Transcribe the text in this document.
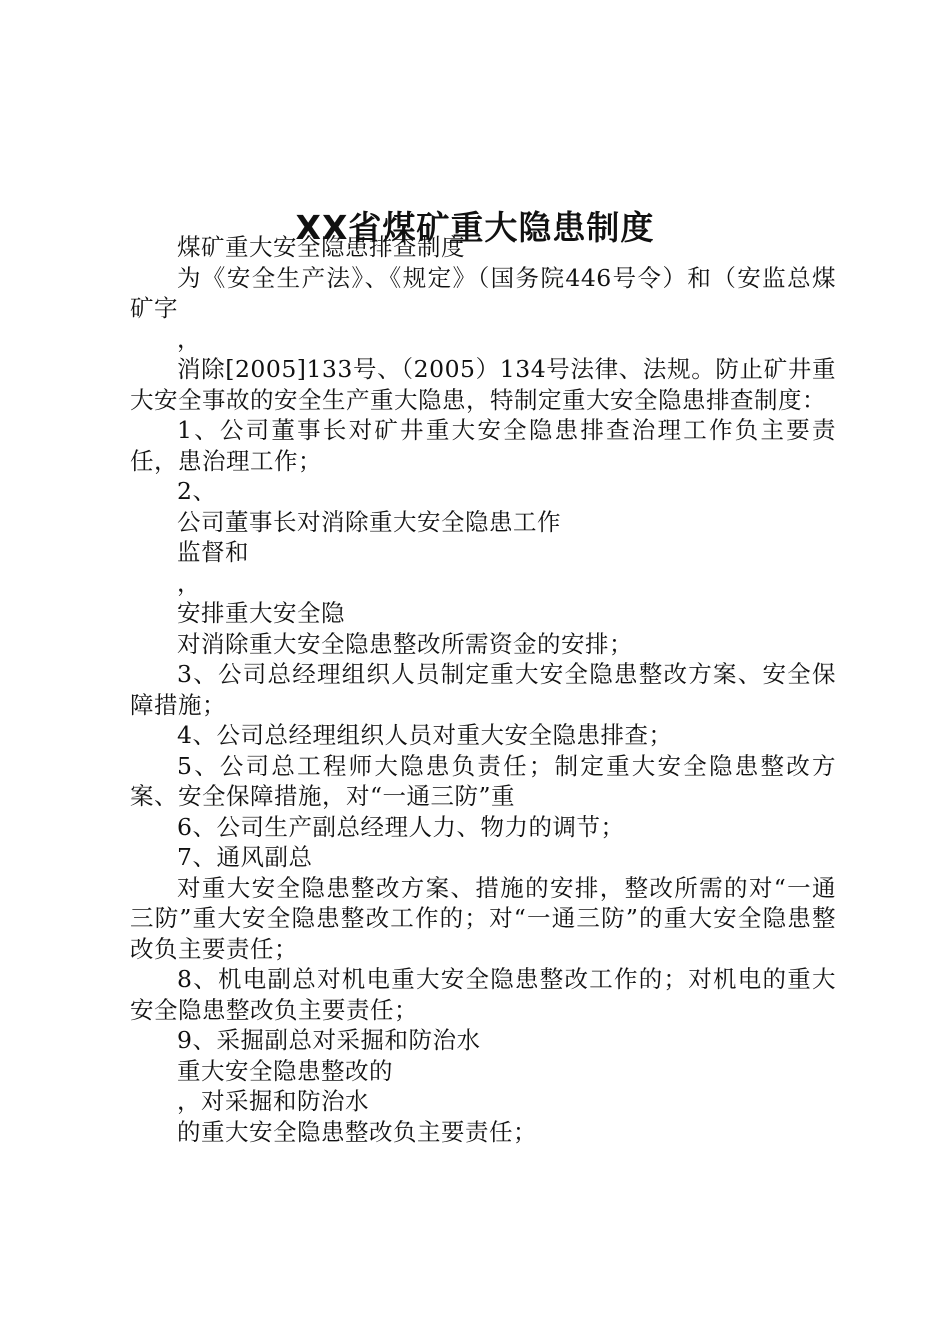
XX省煤矿重大隐患制度

煤矿重大安全隐患排查制度

为《安全生产法》、《规定》（国务院446号令）和（安监总煤矿字

，

消除[2005]133号、（2005）134号法律、法规。防止矿井重大安全事故的安全生产重大隐患，特制定重大安全隐患排查制度：

1、公司董事长对矿井重大安全隐患排查治理工作负主要责任，患治理工作；

2、

公司董事长对消除重大安全隐患工作

监督和

，

安排重大安全隐

对消除重大安全隐患整改所需资金的安排；

3、公司总经理组织人员制定重大安全隐患整改方案、安全保障措施；

4、公司总经理组织人员对重大安全隐患排查；

5、公司总工程师大隐患负责任；制定重大安全隐患整改方案、安全保障措施，对“一通三防”重

6、公司生产副总经理人力、物力的调节；

7、通风副总

对重大安全隐患整改方案、措施的安排，整改所需的对“一通三防”重大安全隐患整改工作的；对“一通三防”的重大安全隐患整改负主要责任；

8、机电副总对机电重大安全隐患整改工作的；对机电的重大安全隐患整改负主要责任；

9、采掘副总对采掘和防治水

重大安全隐患整改的

，对采掘和防治水

的重大安全隐患整改负主要责任；
